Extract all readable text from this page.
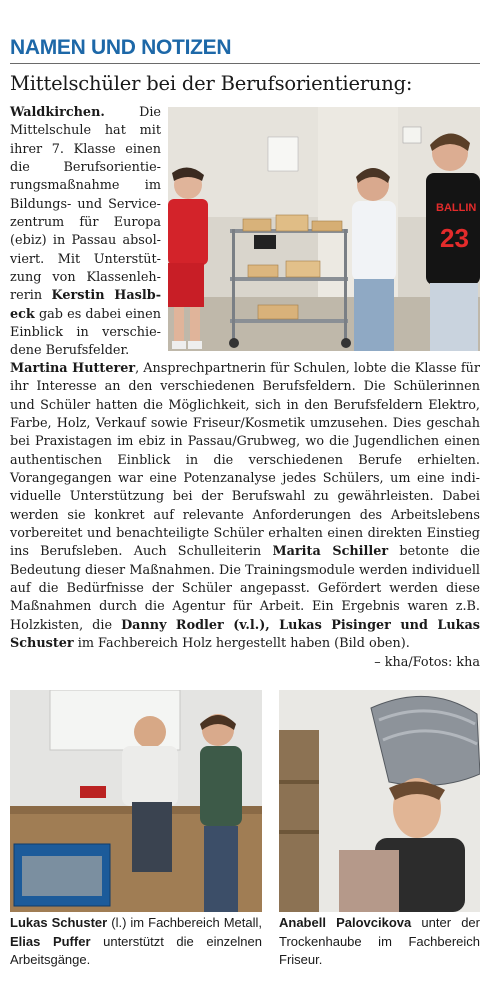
NAMEN UND NOTIZEN
Mittelschüler bei der Berufsorientierung:
Waldkirchen.	Die Mittelschule hat mit ihrer 7. Klasse einen die Berufsorientierungsmaßnahme im Bildungs- und Servicezentrum für Europa (ebiz) in Passau absolviert. Mit Unterstützung von Klassenlehrerin Kerstin Haslbeck gab es dabei einen Einblick in verschiedene Berufsfelder.
BALLIN
23
Martina Hutterer, Ansprechpartnerin für Schulen, lobte die Klasse für ihr Interesse an den verschiedenen Berufsfeldern. Die Schülerinnen und Schüler hatten die Möglichkeit, sich in den Berufsfeldern Elektro, Farbe, Holz, Verkauf sowie Friseur/Kosmetik umzusehen. Dies geschah bei Praxistagen im ebiz in Passau/Grubweg, wo die Jugendlichen einen authentischen Einblick in die verschiedenen Berufe erhielten. Vorangegangen war eine Potenzanalyse jedes Schülers, um eine individuelle Unterstützung bei der Berufswahl zu gewährleisten. Dabei werden sie konkret auf relevante Anforderungen des Arbeitslebens vorbereitet und benachteiligte Schüler erhalten einen direkten Einstieg ins Berufsleben. Auch Schulleiterin Marita Schiller betonte die Bedeutung dieser Maßnahmen. Die Trainingsmodule werden individuell auf die Bedürfnisse der Schüler angepasst. Gefördert werden diese Maßnahmen durch die Agentur für Arbeit. Ein Ergebnis waren z.B. Holzkisten, die Danny Rodler (v.l.), Lukas Pisinger und Lukas Schuster im Fachbereich Holz hergestellt haben (Bild oben).
– kha/Fotos: kha
Lukas Schuster (l.) im Fachbereich Metall, Elias Puffer unterstützt die einzelnen Arbeitsgänge.
Anabell Palovcikova unter der Trockenhaube im Fachbereich Friseur.
